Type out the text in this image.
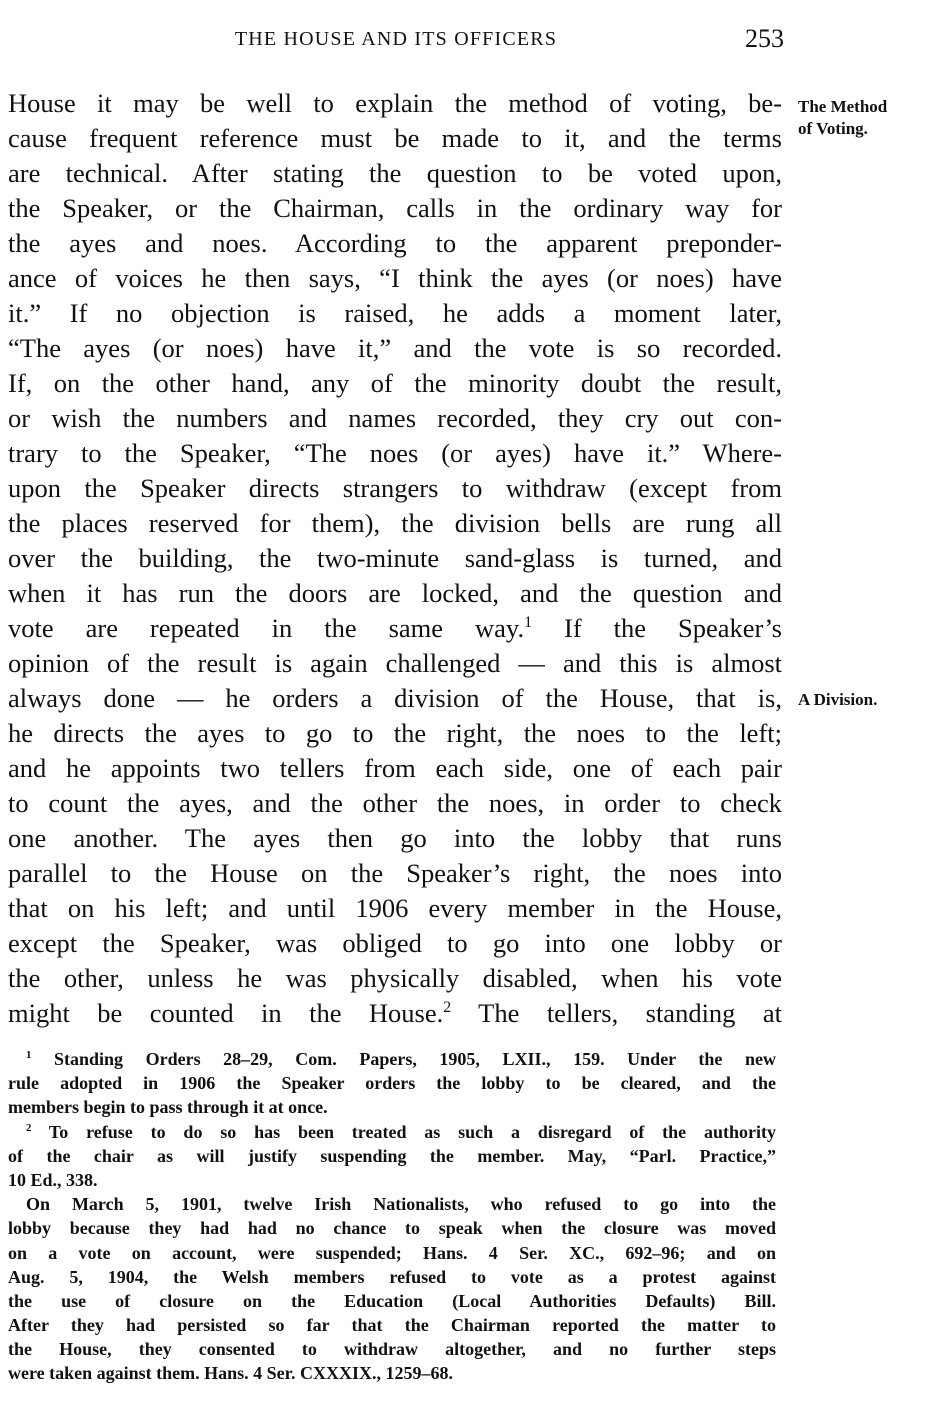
THE HOUSE AND ITS OFFICERS	253
The Method
of Voting.
A Division.
House it may be well to explain the method of voting, be-
cause frequent reference must be made to it, and the terms
are technical. After stating the question to be voted upon,
the Speaker, or the Chairman, calls in the ordinary way for
the ayes and noes. According to the apparent preponder-
ance of voices he then says, “I think the ayes (or noes) have
it.” If no objection is raised, he adds a moment later,
“The ayes (or noes) have it,” and the vote is so recorded.
If, on the other hand, any of the minority doubt the result,
or wish the numbers and names recorded, they cry out con-
trary to the Speaker, “The noes (or ayes) have it.” Where-
upon the Speaker directs strangers to withdraw (except from
the places reserved for them), the division bells are rung all
over the building, the two-minute sand-glass is turned, and
when it has run the doors are locked, and the question and
vote are repeated in the same way.$^1$ If the Speaker’s
opinion of the result is again challenged — and this is almost
always done — he orders a division of the House, that is,
he directs the ayes to go to the right, the noes to the left;
and he appoints two tellers from each side, one of each pair
to count the ayes, and the other the noes, in order to check
one another. The ayes then go into the lobby that runs
parallel to the House on the Speaker’s right, the noes into
that on his left; and until 1906 every member in the House,
except the Speaker, was obliged to go into one lobby or
the other, unless he was physically disabled, when his vote
might be counted in the House.$^2$ The tellers, standing at
$^1$ Standing Orders 28–29, Com. Papers, 1905, LXII., 159. Under the new
rule adopted in 1906 the Speaker orders the lobby to be cleared, and the
members begin to pass through it at once.
$^2$ To refuse to do so has been treated as such a disregard of the authority
of the chair as will justify suspending the member. May, “Parl. Practice,”
10 Ed., 338.
On March 5, 1901, twelve Irish Nationalists, who refused to go into the
lobby because they had had no chance to speak when the closure was moved
on a vote on account, were suspended; Hans. 4 Ser. XC., 692–96; and on
Aug. 5, 1904, the Welsh members refused to vote as a protest against
the use of closure on the Education (Local Authorities Defaults) Bill.
After they had persisted so far that the Chairman reported the matter to
the House, they consented to withdraw altogether, and no further steps
were taken against them. Hans. 4 Ser. CXXXIX., 1259–68.
